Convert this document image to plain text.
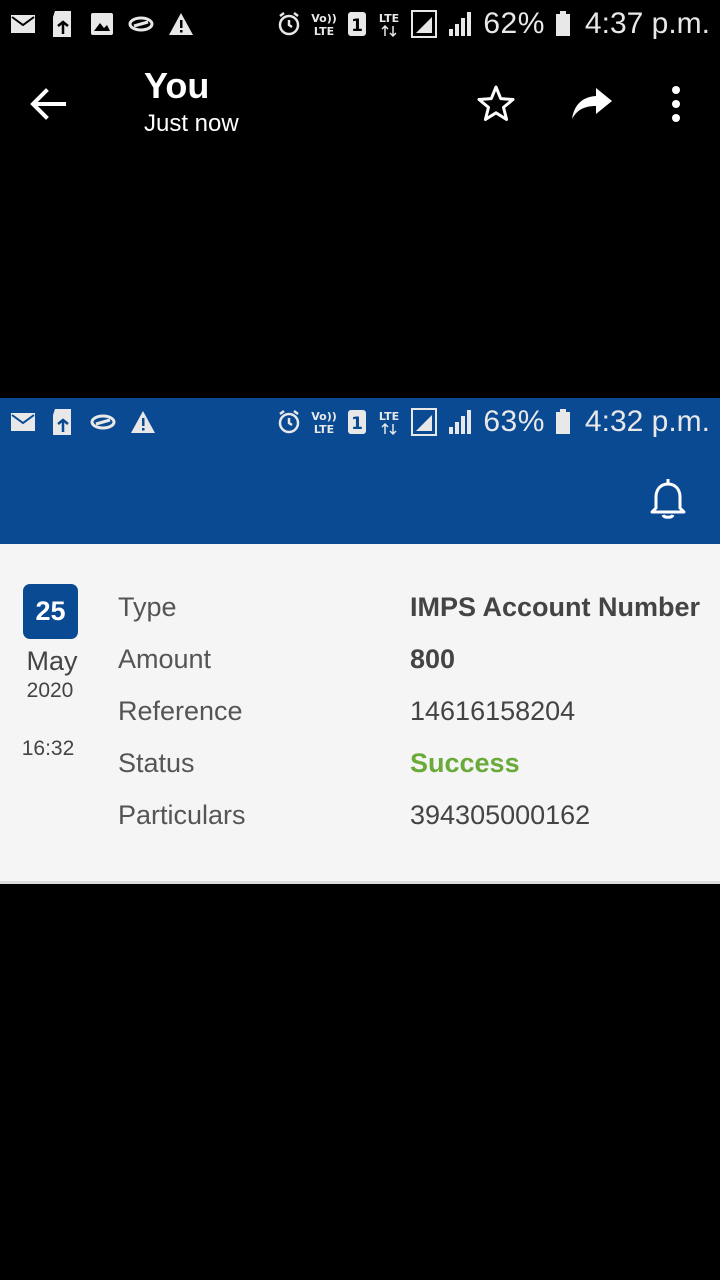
Vo))
LTE 1 LTE	62% 4:37 p.m.
You
Just now
Vo))
LTE 1 LTE	63% 4:32 p.m.
25
May
2020
16:32
Type	IMPS Account Number
Amount	800
Reference	14616158204
Status	Success
Particulars	394305000162
